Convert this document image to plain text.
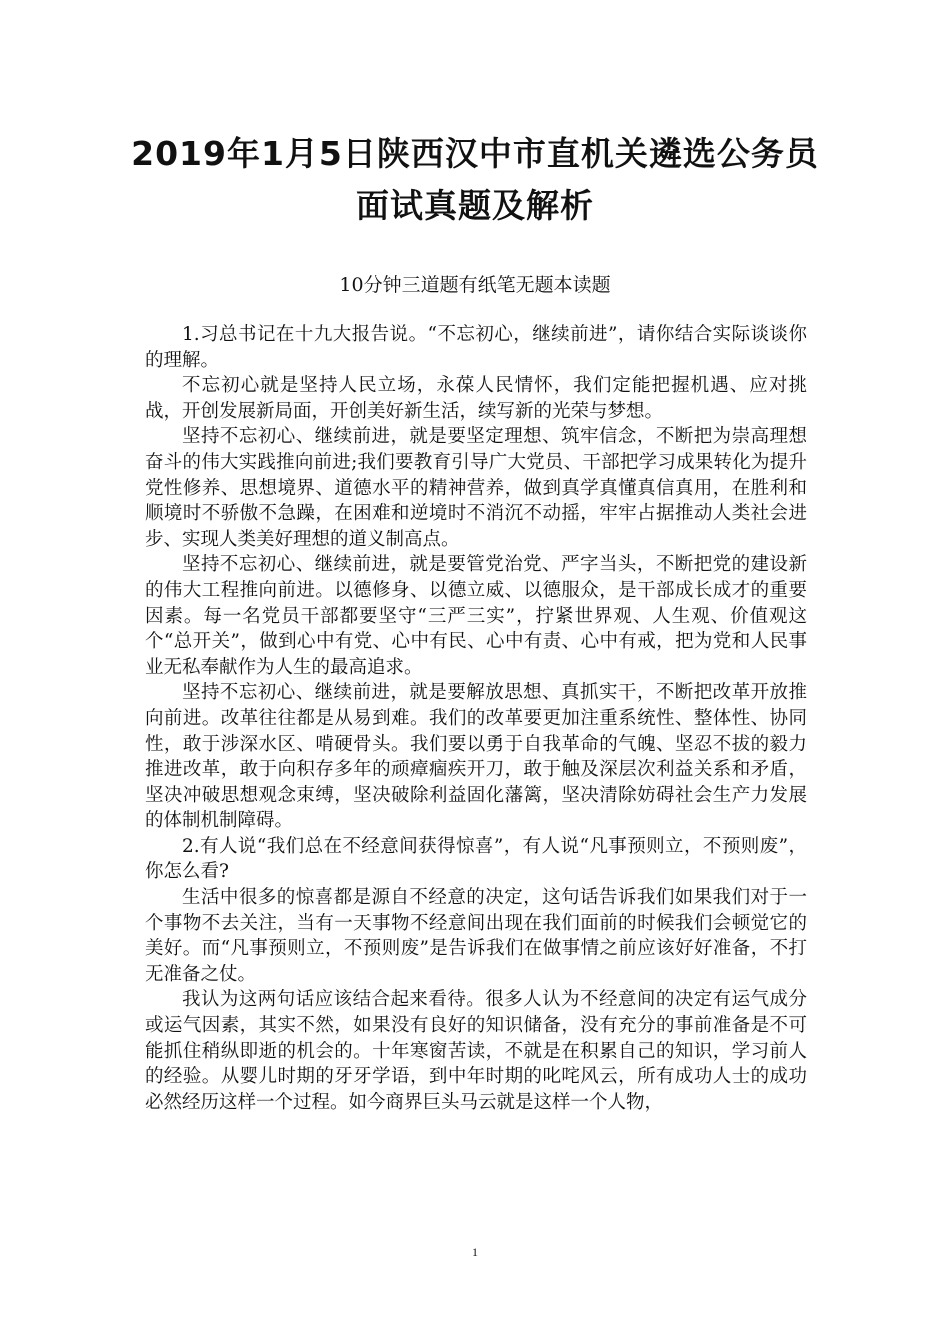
2019年1月5日陕西汉中市直机关遴选公务员面试真题及解析
10分钟三道题有纸笔无题本读题

1.习总书记在十九大报告说。“不忘初心，继续前进”，请你结合实际谈谈你的理解。

不忘初心就是坚持人民立场，永葆人民情怀，我们定能把握机遇、应对挑战，开创发展新局面，开创美好新生活，续写新的光荣与梦想。

坚持不忘初心、继续前进，就是要坚定理想、筑牢信念，不断把为崇高理想奋斗的伟大实践推向前进;我们要教育引导广大党员、干部把学习成果转化为提升党性修养、思想境界、道德水平的精神营养，做到真学真懂真信真用，在胜利和顺境时不骄傲不急躁，在困难和逆境时不消沉不动摇，牢牢占据推动人类社会进步、实现人类美好理想的道义制高点。

坚持不忘初心、继续前进，就是要管党治党、严字当头，不断把党的建设新的伟大工程推向前进。以德修身、以德立威、以德服众，是干部成长成才的重要因素。每一名党员干部都要坚守“三严三实”，拧紧世界观、人生观、价值观这个“总开关”，做到心中有党、心中有民、心中有责、心中有戒，把为党和人民事业无私奉献作为人生的最高追求。

坚持不忘初心、继续前进，就是要解放思想、真抓实干，不断把改革开放推向前进。改革往往都是从易到难。我们的改革要更加注重系统性、整体性、协同性，敢于涉深水区、啃硬骨头。我们要以勇于自我革命的气魄、坚忍不拔的毅力推进改革，敢于向积存多年的顽瘴痼疾开刀，敢于触及深层次利益关系和矛盾，坚决冲破思想观念束缚，坚决破除利益固化藩篱，坚决清除妨碍社会生产力发展的体制机制障碍。

2.有人说“我们总在不经意间获得惊喜”，有人说“凡事预则立，不预则废”，你怎么看?

生活中很多的惊喜都是源自不经意的决定，这句话告诉我们如果我们对于一个事物不去关注，当有一天事物不经意间出现在我们面前的时候我们会顿觉它的美好。而“凡事预则立，不预则废”是告诉我们在做事情之前应该好好准备，不打无准备之仗。

我认为这两句话应该结合起来看待。很多人认为不经意间的决定有运气成分或运气因素，其实不然，如果没有良好的知识储备，没有充分的事前准备是不可能抓住稍纵即逝的机会的。十年寒窗苦读，不就是在积累自己的知识，学习前人的经验。从婴儿时期的牙牙学语，到中年时期的叱咤风云，所有成功人士的成功必然经历这样一个过程。如今商界巨头马云就是这样一个人物，

1
